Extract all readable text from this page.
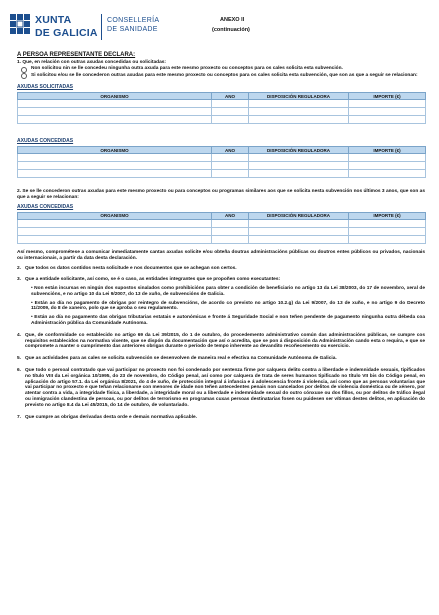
XUNTA
DE GALICIA
CONSELLERÍA
DE SANIDADE
ANEXO II
(continuación)
A PERSOA REPRESENTANTE DECLARA:

1. Que, en relación con outras axudas concedidas ou solicitadas:

Non solicitou nin se lle concedeu ningunha outra axuda para este mesmo proxecto ou conceptos para os cales solicita esta subvención.
Si solicitou e/ou se lle concederon outras axudas para este mesmo proxecto ou conceptos para os cales solicita esta subvención, que son as que a seguir se relacionan:
AXUDAS SOLICITADAS
ORGANISMO	ANO	DISPOSICIÓN REGULADORA	IMPORTE (€)

AXUDAS CONCEDIDAS
ORGANISMO	ANO	DISPOSICIÓN REGULADORA	IMPORTE (€)

2. Se se lle concederon outras axudas para este mesmo proxecto ou para conceptos ou programas similares aos que se solicita nesta subvención nos últimos 3 anos, que son as que a seguir se relacionan:

AXUDAS CONCEDIDAS
ORGANISMO	ANO	DISPOSICIÓN REGULADORA	IMPORTE (€)

Así mesmo, comprométese a comunicar inmediatamente cantas axudas solicite e/ou obteña doutras administracións públicas ou doutros entes públicos ou privados, nacionais ou internacionais, a partir da data desta declaración.

2. Que todos os datos contidos nesta solicitude e nos documentos que se achegan son certos.
3. Que a entidade solicitante, así como, se é o caso, as entidades integrantes que se propoñen como executantes:

• Non están incursas en ningún dos supostos sinalados como prohibicións para obter a condición de beneficiario no artigo 13 da Lei 38/2003, do 17 de novembro, xeral de subvencións, e no artigo 10 da Lei 9/2007, do 13 de xuño, de subvencións de Galicia.

• Están ao día no pagamento de obrigas por reintegro de subvencións, de acordo co previsto no artigo 10.2.g) da Lei 9/2007, do 13 de xuño, e no artigo 9 do Decreto 11/2009, do 8 de xaneiro, polo que se aproba o seu regulamento.

• Están ao día no pagamento das obrigas tributarias estatais e autonómicas e fronte á Seguridade Social e non teñen pendente de pagamento ningunha outra débeda coa Administración pública da Comunidade Autónoma.

4. Que, de conformidade co establecido no artigo 69 da Lei 39/2015, do 1 de outubro, do procedemento administrativo común das administracións públicas, se cumpre cos requisitos establecidos na normativa vixente, que se dispón da documentación que así o acredita, que se pon á disposición da Administración cando esta o requira, e que se compromete a manter o cumprimento das anteriores obrigas durante o período de tempo inherente ao devandito recoñecemento ou exercicio.
5. Que as actividades para as cales se solicita subvención se desenvolven de maneira real e efectiva na Comunidade Autónoma de Galicia.
6. Que todo o persoal contratado que vai participar no proxecto non foi condenado por sentenza firme por calquera delito contra a liberdade e indemnidade sexuais, tipificados no título VIII da Lei orgánica 10/1995, do 23 de novembro, do Código penal, así como por calquera de trata de seres humanos tipificado no título VII bis do Código penal, en aplicación do artigo 57.1. da Lei orgánica 8/2021, do 4 de xuño, de protección integral á infancia e á adolescencia fronte á violencia, así como que as persoas voluntarias que vai participar no proxecto e que teñan relacionarse con menores de idade non teñen antecedentes penais non cancelados por delitos de violencia doméstica ou de xénero, por atentar contra a vida, a integridade física, a liberdade, a integridade moral ou a liberdade e indemnidade sexual do outro cónxuxe ou dos fillos, ou por delitos de tráfico ilegal ou inmigración clandestina de persoas, ou por delitos de terrorismo en programas cuxas persoas destinatarias fosen ou puidesen ser vítimas destes delitos, en aplicación do previsto no artigo 8.4 da Lei 45/2015, do 14 de outubro, de voluntariado.
7. Que cumpre as obrigas derivadas desta orde e demais normativa aplicable.
